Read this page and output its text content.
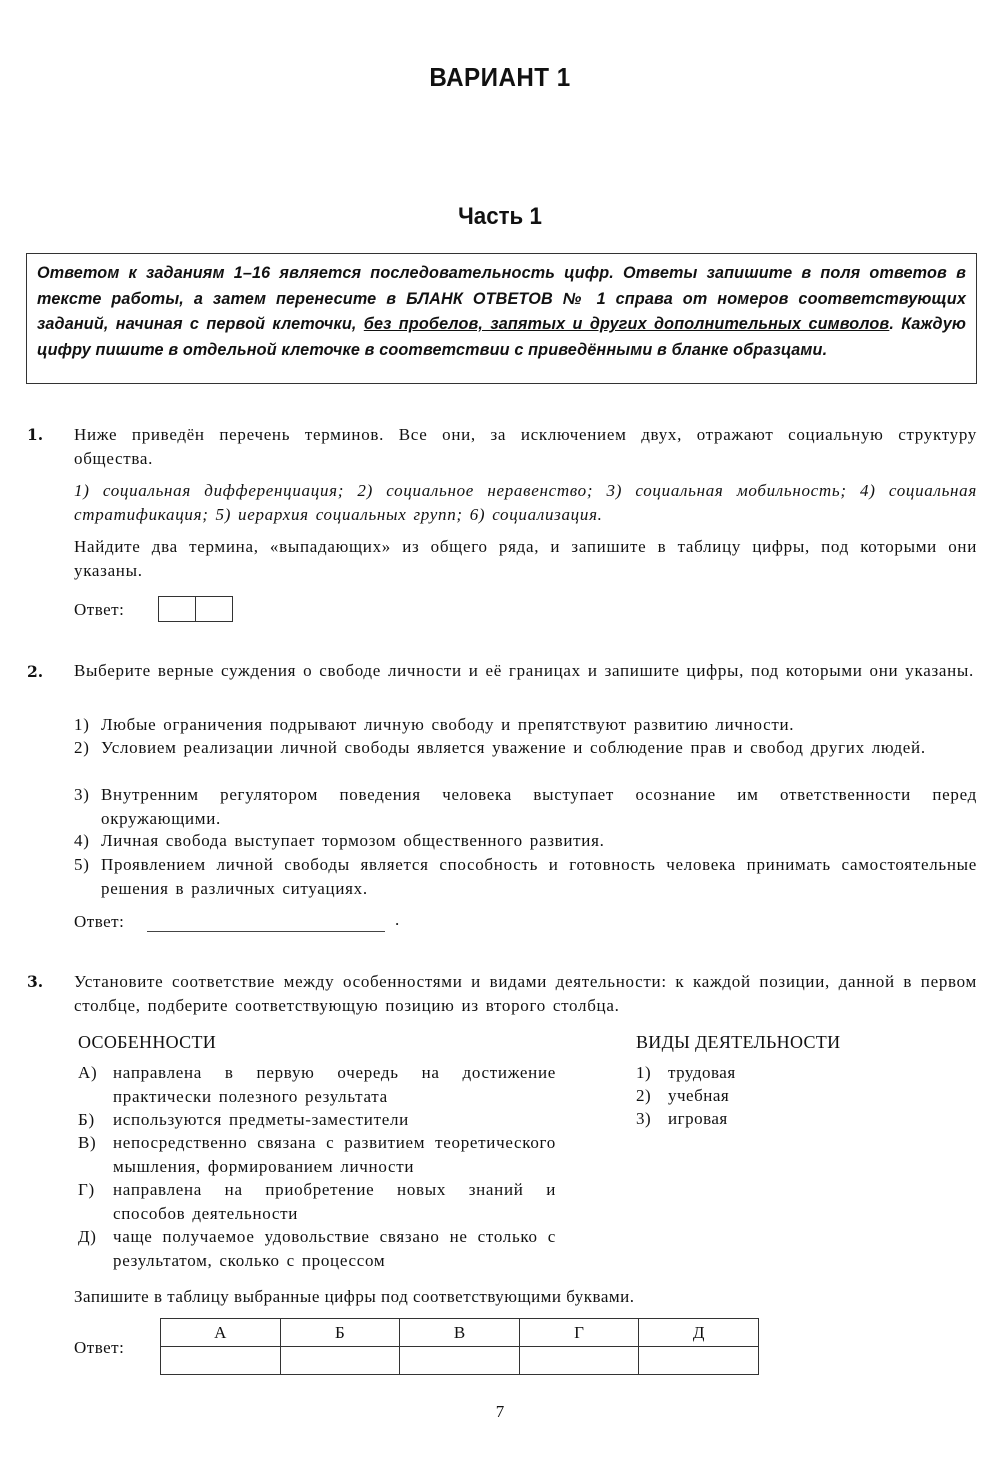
ВАРИАНТ 1
Часть 1
Ответом к заданиям 1–16 является последовательность цифр. Ответы запишите в поля ответов в тексте работы, а затем перенесите в БЛАНК ОТВЕТОВ № 1 справа от номеров соответствующих заданий, начиная с первой клеточки, без пробелов, запятых и других дополнительных символов. Каждую цифру пишите в отдельной клеточке в соответствии с приведёнными в бланке образцами.
1. Ниже приведён перечень терминов. Все они, за исключением двух, отражают социальную структуру общества.
1) социальная дифференциация; 2) социальное неравенство; 3) социальная мобильность; 4) социальная стратификация; 5) иерархия социальных групп; 6) социализация.
Найдите два термина, «выпадающих» из общего ряда, и запишите в таблицу цифры, под которыми они указаны.
Ответ:
2. Выберите верные суждения о свободе личности и её границах и запишите цифры, под которыми они указаны.
1) Любые ограничения подрывают личную свободу и препятствуют развитию личности.
2) Условием реализации личной свободы является уважение и соблюдение прав и свобод других людей.
3) Внутренним регулятором поведения человека выступает осознание им ответственности перед окружающими.
4) Личная свобода выступает тормозом общественного развития.
5) Проявлением личной свободы является способность и готовность человека принимать самостоятельные решения в различных ситуациях.
Ответ:	.
3. Установите соответствие между особенностями и видами деятельности: к каждой позиции, данной в первом столбце, подберите соответствующую позицию из второго столбца.
ОСОБЕННОСТИ	ВИДЫ ДЕЯТЕЛЬНОСТИ
А) направлена в первую очередь на достижение практически полезного результата
Б) используются предметы-заместители
В) непосредственно связана с развитием теоретического мышления, формированием личности
Г) направлена на приобретение новых знаний и способов деятельности
Д) чаще получаемое удовольствие связано не столько с результатом, сколько с процессом
1) трудовая
2) учебная
3) игровая
Запишите в таблицу выбранные цифры под соответствующими буквами.
Ответ:
А	Б	В	Г	Д

7
